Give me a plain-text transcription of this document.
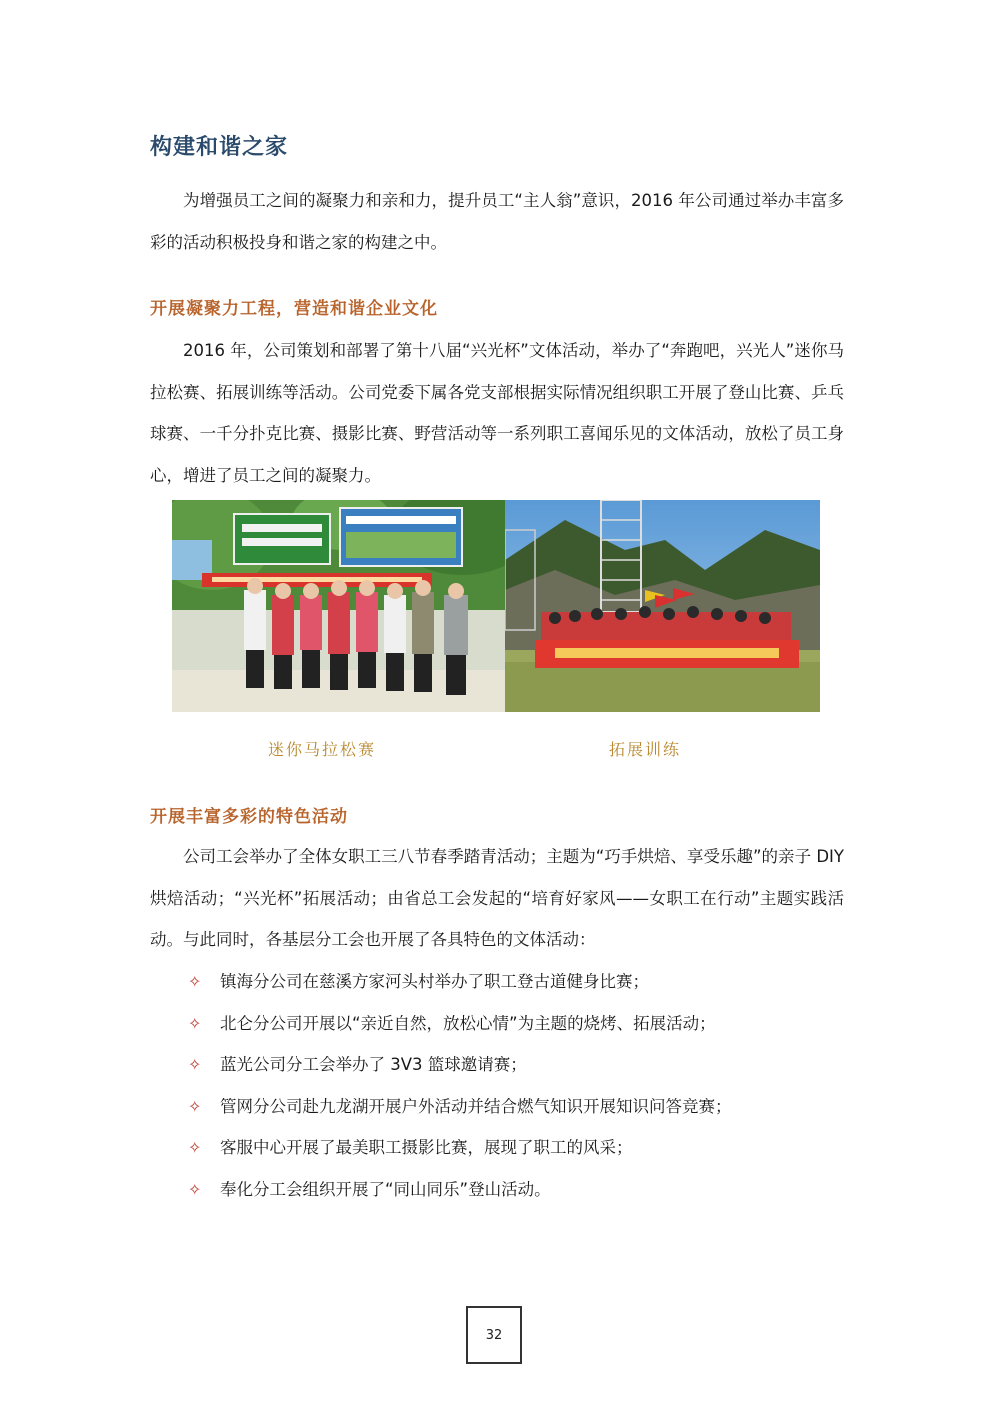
构建和谐之家

为增强员工之间的凝聚力和亲和力，提升员工“主人翁”意识，2016 年公司通过举办丰富多彩的活动积极投身和谐之家的构建之中。

开展凝聚力工程，营造和谐企业文化

2016 年，公司策划和部署了第十八届“兴光杯”文体活动，举办了“奔跑吧，兴光人”迷你马拉松赛、拓展训练等活动。公司党委下属各党支部根据实际情况组织职工开展了登山比赛、乒乓球赛、一千分扑克比赛、摄影比赛、野营活动等一系列职工喜闻乐见的文体活动，放松了员工身心，增进了员工之间的凝聚力。

迷你马拉松赛	拓展训练
开展丰富多彩的特色活动

公司工会举办了全体女职工三八节春季踏青活动；主题为“巧手烘焙、享受乐趣”的亲子 DIY 烘焙活动；“兴光杯”拓展活动；由省总工会发起的“培育好家风——女职工在行动”主题实践活动。与此同时，各基层分工会也开展了各具特色的文体活动：

✧	镇海分公司在慈溪方家河头村举办了职工登古道健身比赛；
✧	北仑分公司开展以“亲近自然，放松心情”为主题的烧烤、拓展活动；
✧	蓝光公司分工会举办了 3V3 篮球邀请赛；
✧	管网分公司赴九龙湖开展户外活动并结合燃气知识开展知识问答竞赛；
✧	客服中心开展了最美职工摄影比赛，展现了职工的风采；
✧	奉化分工会组织开展了“同山同乐”登山活动。
32
